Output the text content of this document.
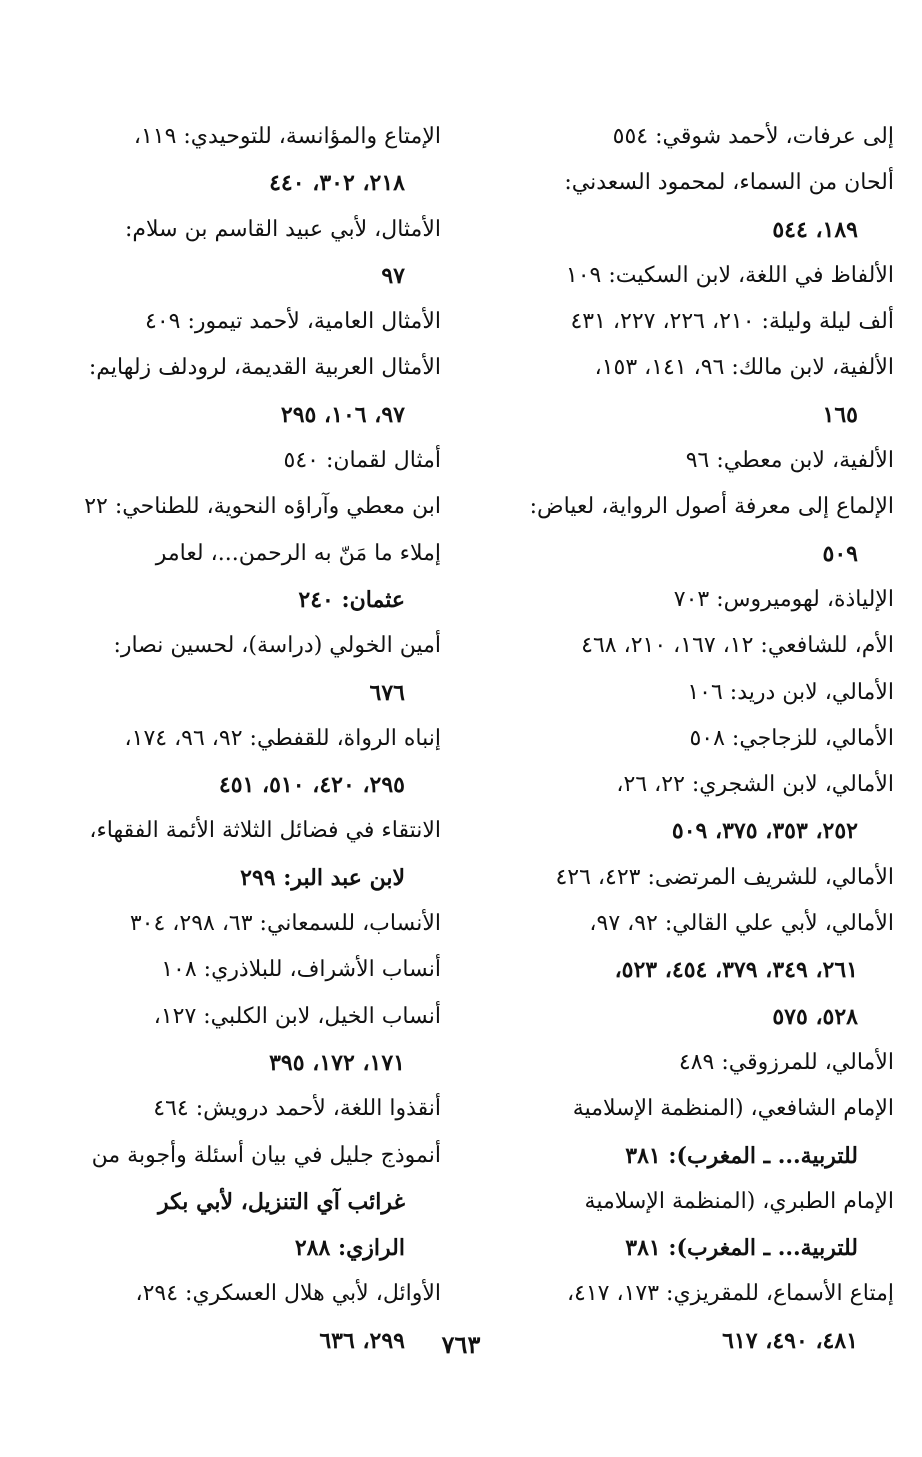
إلى عرفات، لأحمد شوقي: ٥٥٤
ألحان من السماء، لمحمود السعدني:
١٨٩، ٥٤٤
الألفاظ في اللغة، لابن السكيت: ١٠٩
ألف ليلة وليلة: ٢١٠، ٢٢٦، ٢٢٧، ٤٣١
الألفية، لابن مالك: ٩٦، ١٤١، ١٥٣،
١٦٥
الألفية، لابن معطي: ٩٦
الإلماع إلى معرفة أصول الرواية، لعياض:
٥٠٩
الإلياذة، لهوميروس: ٧٠٣
الأم، للشافعي: ١٢، ١٦٧، ٢١٠، ٤٦٨
الأمالي، لابن دريد: ١٠٦
الأمالي، للزجاجي: ٥٠٨
الأمالي، لابن الشجري: ٢٢، ٢٦،
٢٥٢، ٣٥٣، ٣٧٥، ٥٠٩
الأمالي، للشريف المرتضى: ٤٢٣، ٤٢٦
الأمالي، لأبي علي القالي: ٩٢، ٩٧،
٢٦١، ٣٤٩، ٣٧٩، ٤٥٤، ٥٢٣،
٥٢٨، ٥٧٥
الأمالي، للمرزوقي: ٤٨٩
الإمام الشافعي، (المنظمة الإسلامية
للتربية... ـ المغرب): ٣٨١
الإمام الطبري، (المنظمة الإسلامية
للتربية... ـ المغرب): ٣٨١
إمتاع الأسماع، للمقريزي: ١٧٣، ٤١٧،
٤٨١، ٤٩٠، ٦١٧
الإمتاع والمؤانسة، للتوحيدي: ١١٩،
٢١٨، ٣٠٢، ٤٤٠
الأمثال، لأبي عبيد القاسم بن سلام:
٩٧
الأمثال العامية، لأحمد تيمور: ٤٠٩
الأمثال العربية القديمة، لرودلف زلهايم:
٩٧، ١٠٦، ٢٩٥
أمثال لقمان: ٥٤٠
ابن معطي وآراؤه النحوية، للطناحي: ٢٢
إملاء ما مَنّ به الرحمن...، لعامر
عثمان: ٢٤٠
أمين الخولي (دراسة)، لحسين نصار:
٦٧٦
إنباه الرواة، للقفطي: ٩٢، ٩٦، ١٧٤،
٢٩٥، ٤٢٠، ٥١٠، ٤٥١
الانتقاء في فضائل الثلاثة الأئمة الفقهاء،
لابن عبد البر: ٢٩٩
الأنساب، للسمعاني: ٦٣، ٢٩٨، ٣٠٤
أنساب الأشراف، للبلاذري: ١٠٨
أنساب الخيل، لابن الكلبي: ١٢٧،
١٧١، ١٧٢، ٣٩٥
أنقذوا اللغة، لأحمد درويش: ٤٦٤
أنموذج جليل في بيان أسئلة وأجوبة من
غرائب آي التنزيل، لأبي بكر
الرازي: ٢٨٨
الأوائل، لأبي هلال العسكري: ٢٩٤،
٢٩٩، ٦٣٦	٧٦٣
